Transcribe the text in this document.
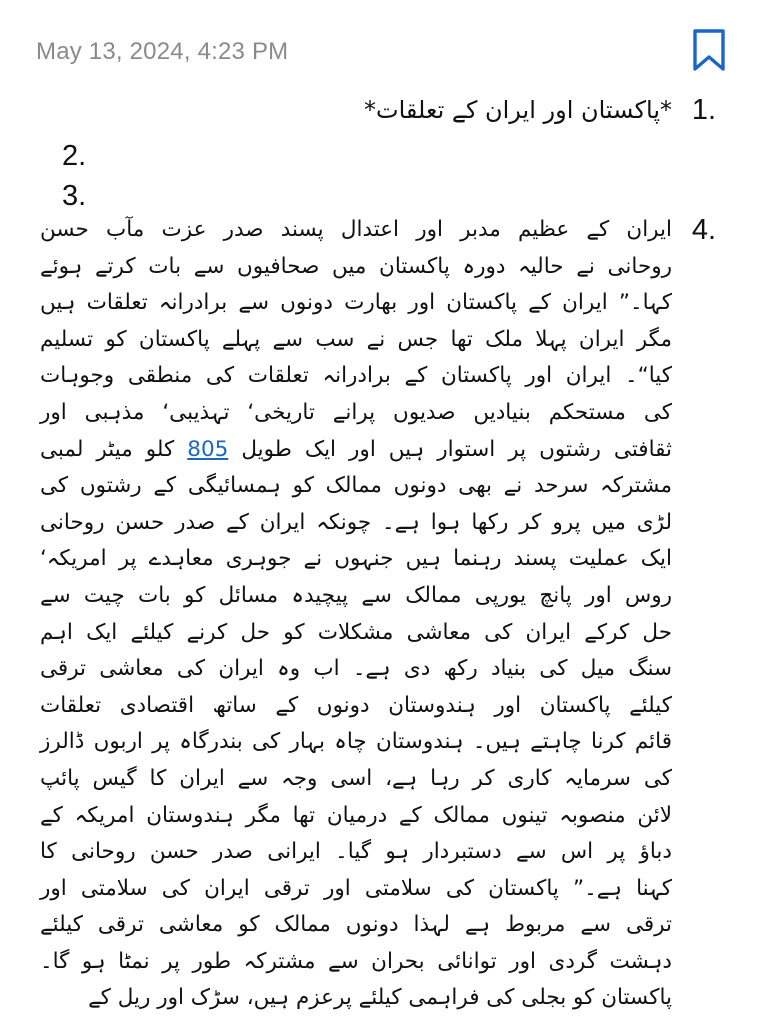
May 13, 2024, 4:23 PM
1.
*پاکستان اور ایران کے تعلقات*
2.
3.
4.
ایران کے عظیم مدبر اور اعتدال پسند صدر عزت مآب حسن
روحانی نے حالیہ دورہ پاکستان میں صحافیوں سے بات کرتے ہوئے
کہا۔” ایران کے پاکستان اور بھارت دونوں سے برادرانہ تعلقات ہیں
مگر ایران پہلا ملک تھا جس نے سب سے پہلے پاکستان کو تسلیم
کیا“۔ ایران اور پاکستان کے برادرانہ تعلقات کی منطقی وجوہات
کی مستحکم بنیادیں صدیوں پرانے تاریخی‘ تہذیبی‘ مذہبی اور
ثقافتی رشتوں پر استوار ہیں اور ایک طویل 805 کلو میٹر لمبی
مشترکہ سرحد نے بھی دونوں ممالک کو ہمسائیگی کے رشتوں کی
لڑی میں پرو کر رکھا ہوا ہے۔ چونکہ ایران کے صدر حسن روحانی
ایک عملیت پسند رہنما ہیں جنہوں نے جوہری معاہدے پر امریکہ‘
روس اور پانچ یورپی ممالک سے پیچیدہ مسائل کو بات چیت سے
حل کرکے ایران کی معاشی مشکلات کو حل کرنے کیلئے ایک اہم
سنگ میل کی بنیاد رکھ دی ہے۔ اب وہ ایران کی معاشی ترقی
کیلئے پاکستان اور ہندوستان دونوں کے ساتھ اقتصادی تعلقات
قائم کرنا چاہتے ہیں۔ ہندوستان چاہ بہار کی بندرگاہ پر اربوں ڈالرز
کی سرمایہ کاری کر رہا ہے، اسی وجہ سے ایران کا گیس پائپ
لائن منصوبہ تینوں ممالک کے درمیان تھا مگر ہندوستان امریکہ کے
دباﺅ پر اس سے دستبردار ہو گیا۔ ایرانی صدر حسن روحانی کا
کہنا ہے۔” پاکستان کی سلامتی اور ترقی ایران کی سلامتی اور
ترقی سے مربوط ہے لہذا دونوں ممالک کو معاشی ترقی کیلئے
دہشت گردی اور توانائی بحران سے مشترکہ طور پر نمٹا ہو گا۔
پاکستان کو بجلی کی فراہمی کیلئے پرعزم ہیں، سڑک اور ریل کے
